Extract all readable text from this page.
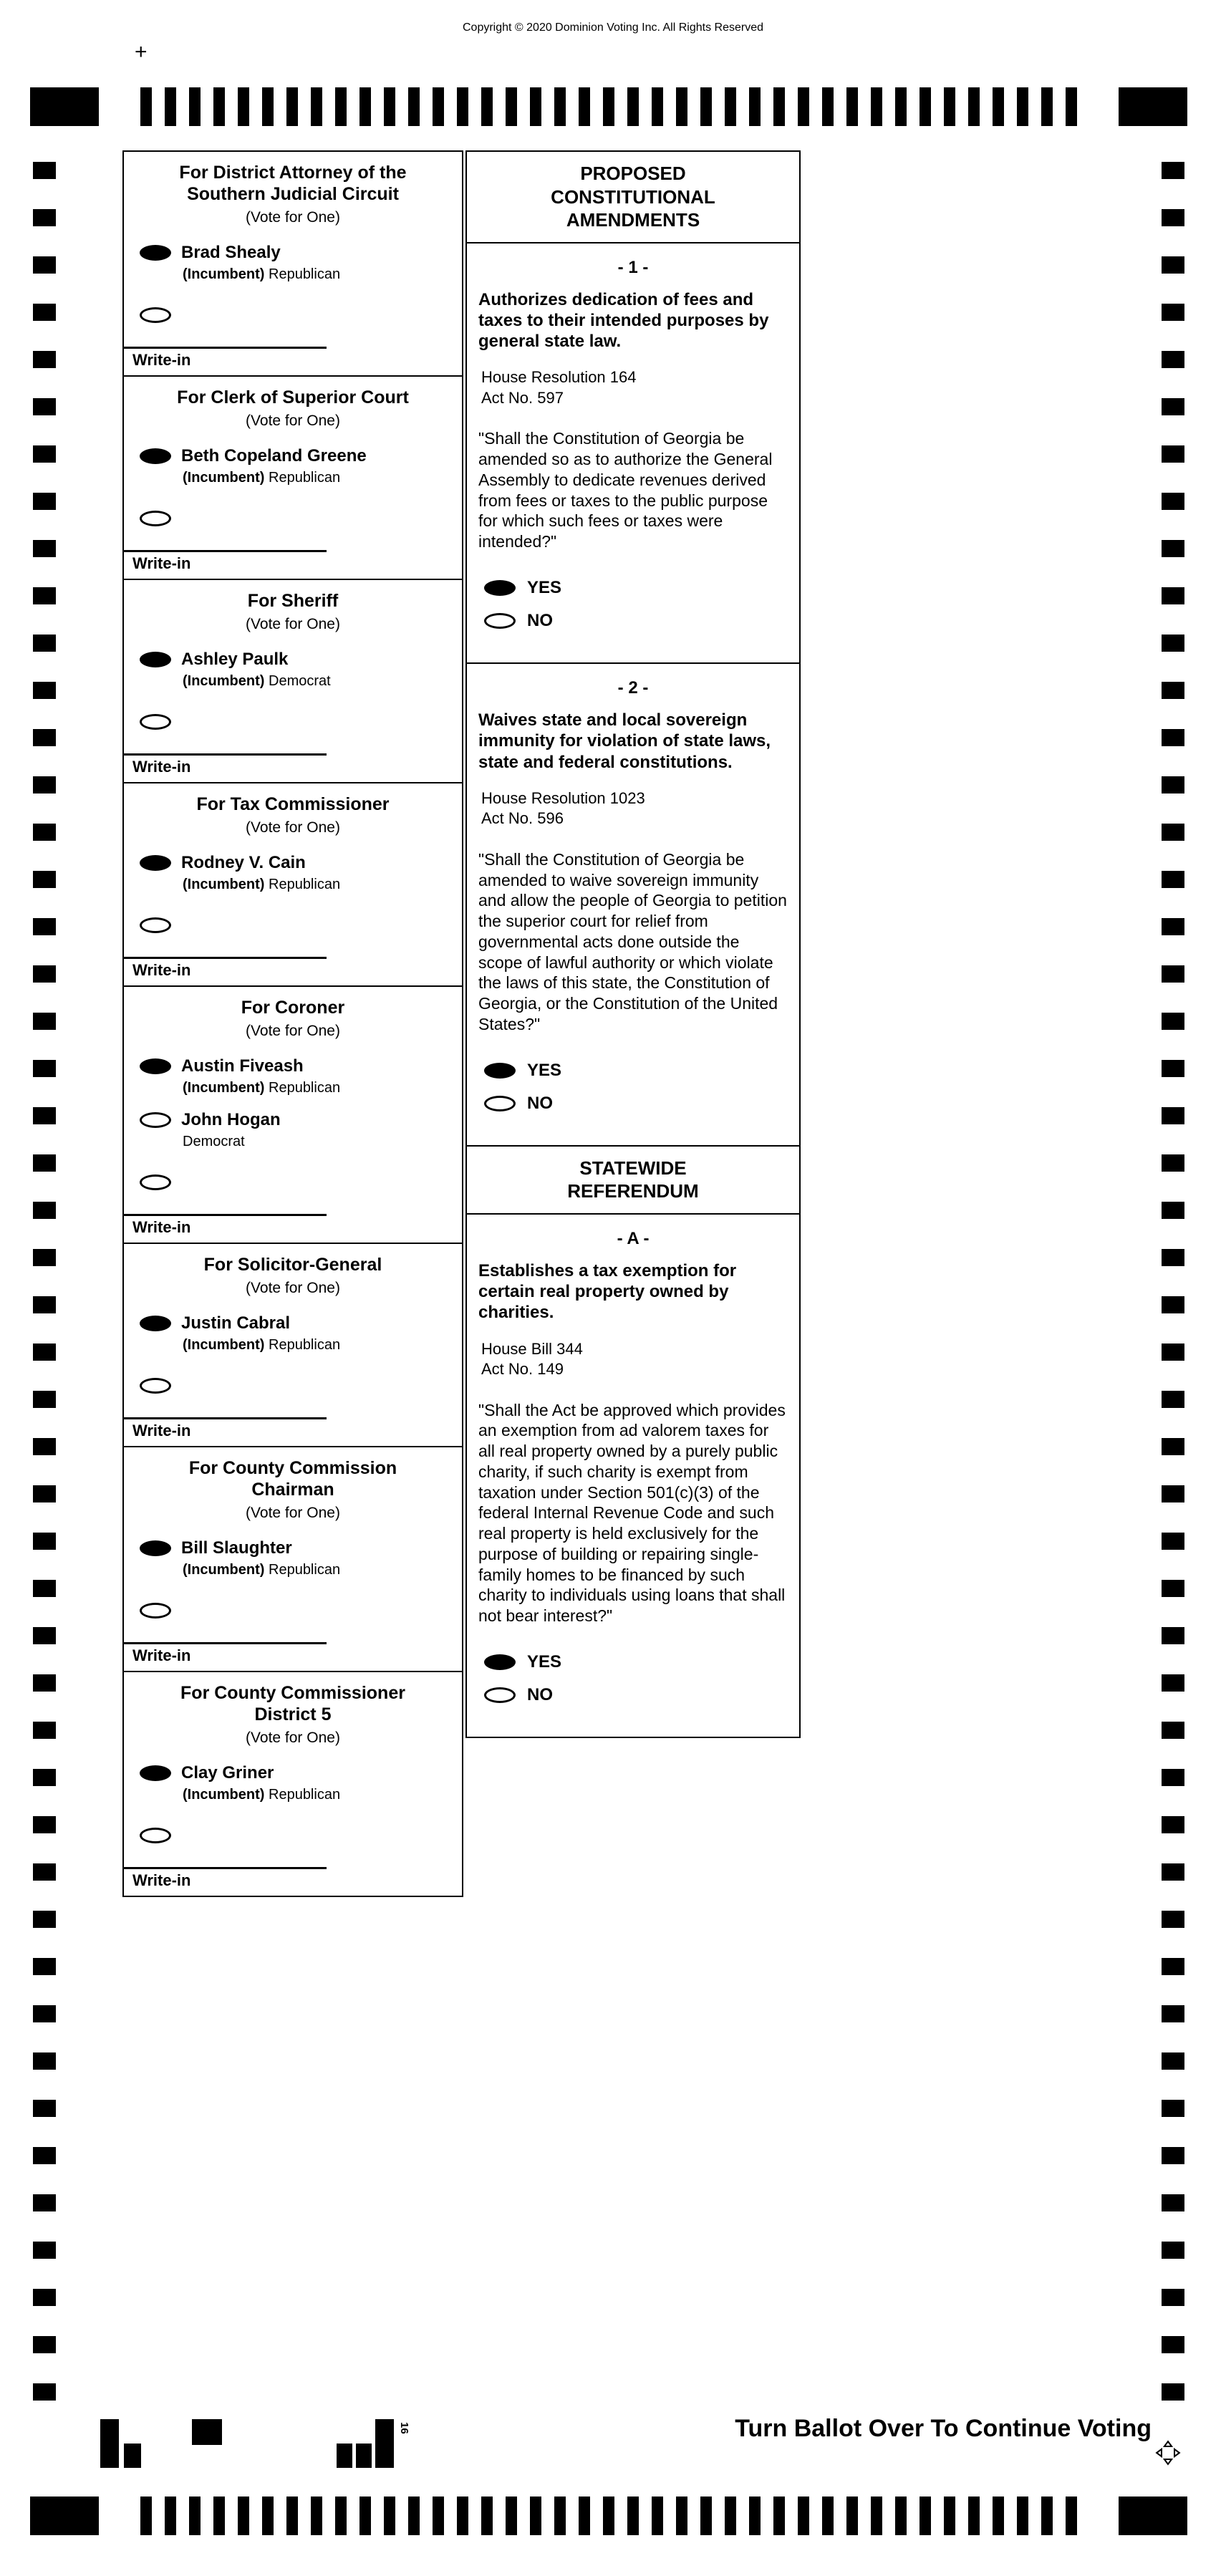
Copyright © 2020 Dominion Voting Inc. All Rights Reserved
+
For District Attorney of the
Southern Judicial Circuit
(Vote for One)
Brad Shealy
(Incumbent) Republican
Write-in
For Clerk of Superior Court
(Vote for One)
Beth Copeland Greene
(Incumbent) Republican
Write-in
For Sheriff
(Vote for One)
Ashley Paulk
(Incumbent) Democrat
Write-in
For Tax Commissioner
(Vote for One)
Rodney V. Cain
(Incumbent) Republican
Write-in
For Coroner
(Vote for One)
Austin Fiveash
(Incumbent) Republican
John Hogan
Democrat
Write-in
For Solicitor-General
(Vote for One)
Justin Cabral
(Incumbent) Republican
Write-in
For County Commission
Chairman
(Vote for One)
Bill Slaughter
(Incumbent) Republican
Write-in
For County Commissioner
District 5
(Vote for One)
Clay Griner
(Incumbent) Republican
Write-in
PROPOSED
CONSTITUTIONAL
AMENDMENTS
- 1 -
Authorizes dedication of fees and taxes to their intended purposes by general state law.
House Resolution 164
Act No. 597
"Shall the Constitution of Georgia be amended so as to authorize the General Assembly to dedicate revenues derived from fees or taxes to the public purpose for which such fees or taxes were intended?"
YES
NO
- 2 -
Waives state and local sovereign immunity for violation of state laws, state and federal constitutions.
House Resolution 1023
Act No. 596
"Shall the Constitution of Georgia be amended to waive sovereign immunity and allow the people of Georgia to petition the superior court for relief from governmental acts done outside the scope of lawful authority or which violate the laws of this state, the Constitution of Georgia, or the Constitution of the United States?"
YES
NO
STATEWIDE
REFERENDUM
- A -
Establishes a tax exemption for certain real property owned by charities.
House Bill 344
Act No. 149
"Shall the Act be approved which provides an exemption from ad valorem taxes for all real property owned by a purely public charity, if such charity is exempt from taxation under Section 501(c)(3) of the federal Internal Revenue Code and such real property is held exclusively for the purpose of building or repairing single-family homes to be financed by such charity to individuals using loans that shall not bear interest?"
YES
NO
16	Turn Ballot Over To Continue Voting
